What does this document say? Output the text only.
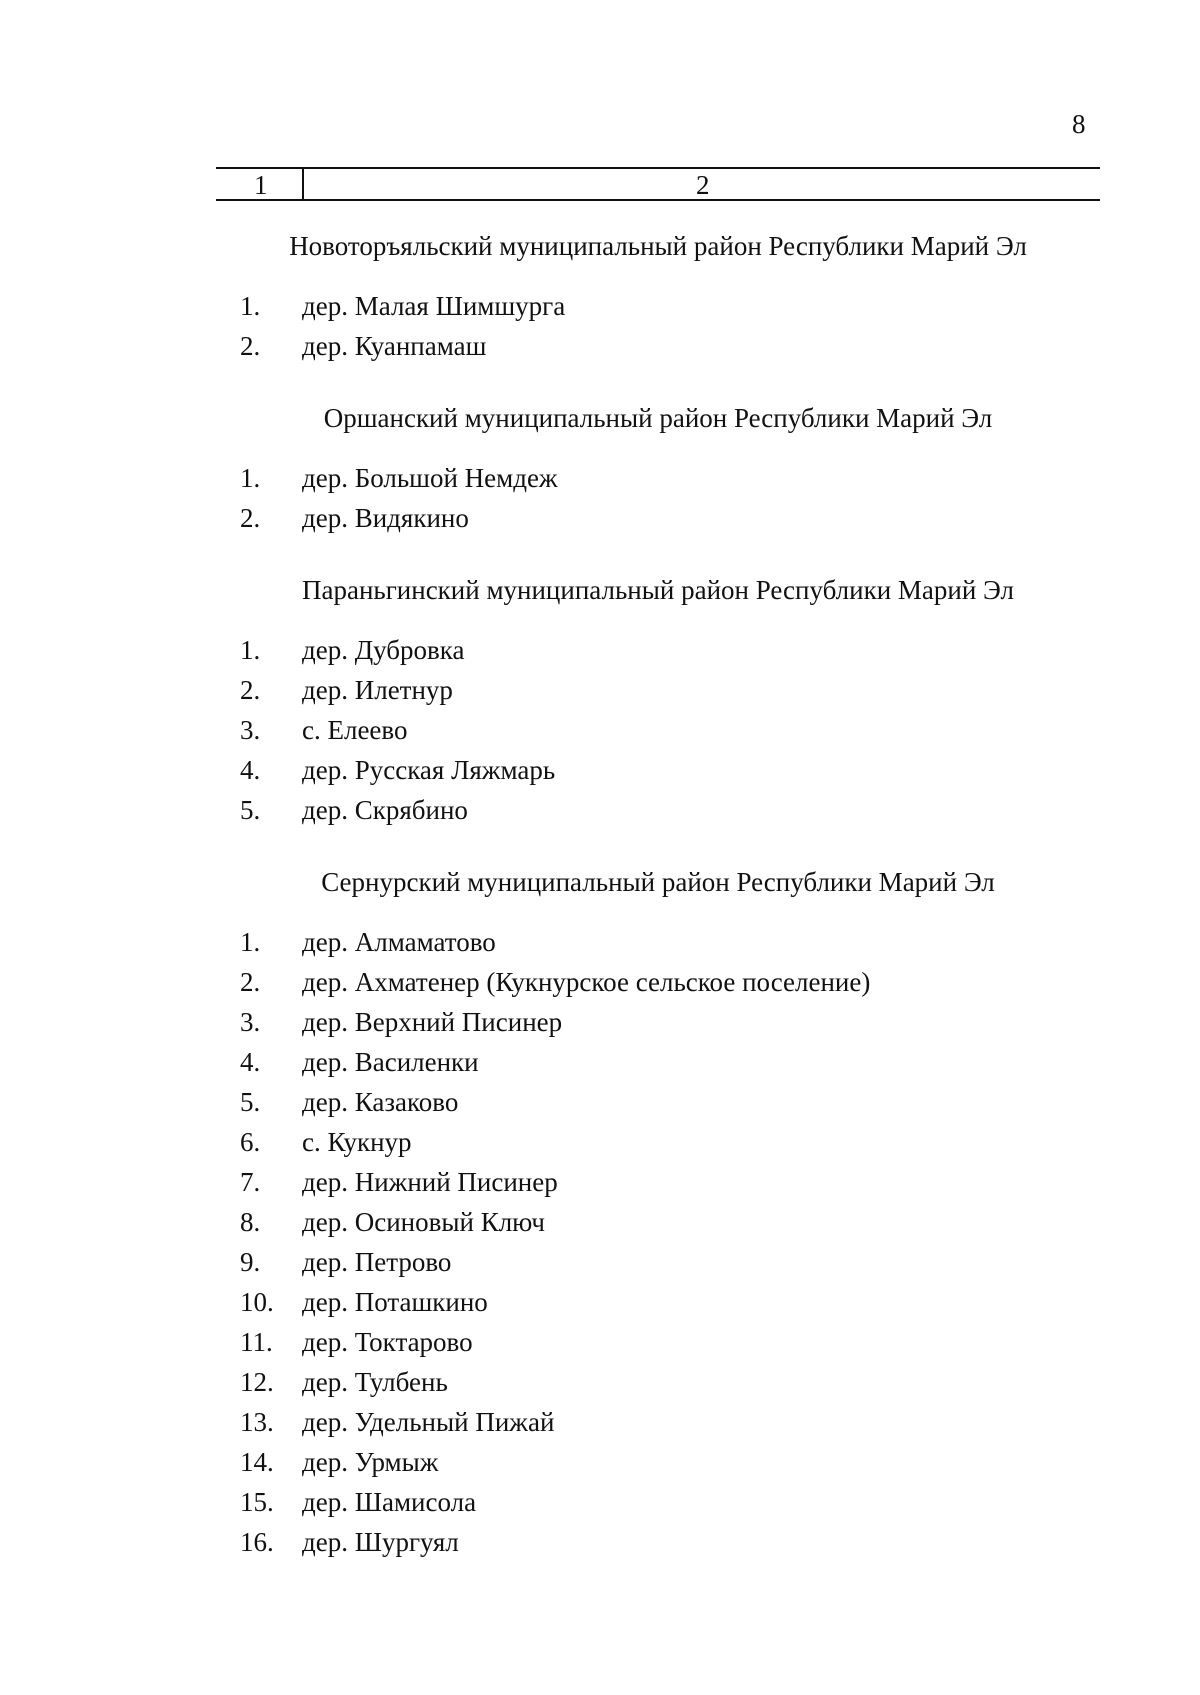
8
1	2
Новоторъяльский муниципальный район Республики Марий Эл
1.	дер. Малая Шимшурга
2.	дер. Куанпамаш
Оршанский муниципальный район Республики Марий Эл
1.	дер. Большой Немдеж
2.	дер. Видякино
Параньгинский муниципальный район Республики Марий Эл
1.	дер. Дубровка
2.	дер. Илетнур
3.	с. Елеево
4.	дер. Русская Ляжмарь
5.	дер. Скрябино
Сернурский муниципальный район Республики Марий Эл
1.	дер. Алмаматово
2.	дер. Ахматенер (Кукнурское сельское поселение)
3.	дер. Верхний Писинер
4.	дер. Василенки
5.	дер. Казаково
6.	с. Кукнур
7.	дер. Нижний Писинер
8.	дер. Осиновый Ключ
9.	дер. Петрово
10.	дер. Поташкино
11.	дер. Токтарово
12.	дер. Тулбень
13.	дер. Удельный Пижай
14.	дер. Урмыж
15.	дер. Шамисола
16.	дер. Шургуял
